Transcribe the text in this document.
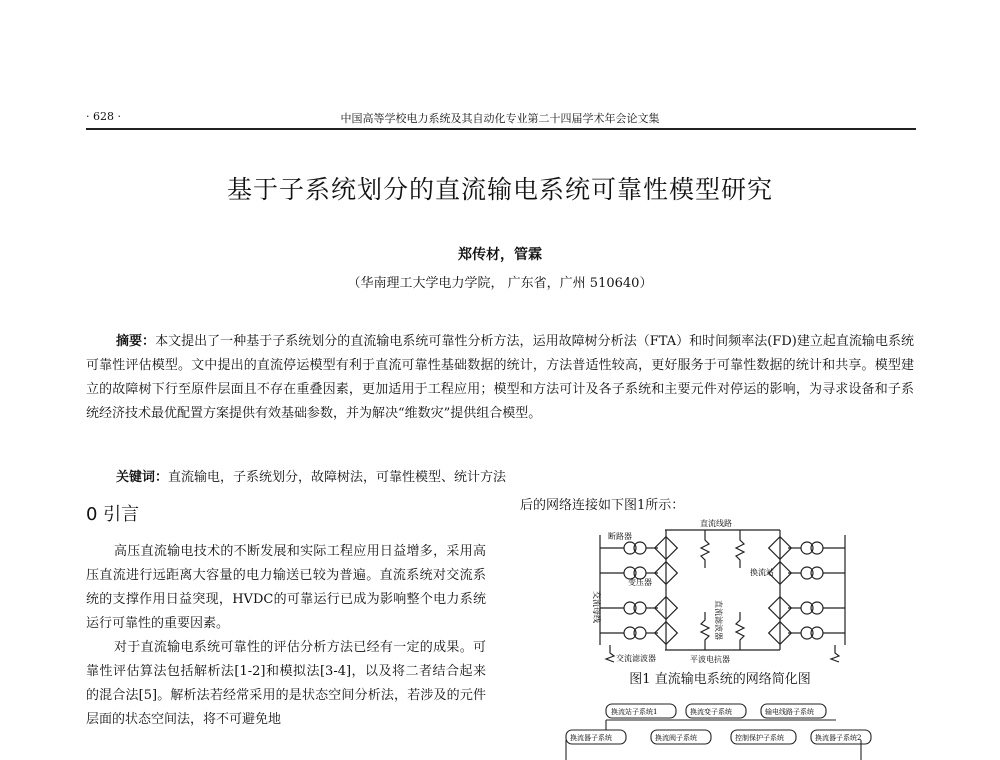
· 628 ·	中国高等学校电力系统及其自动化专业第二十四届学术年会论文集
基于子系统划分的直流输电系统可靠性模型研究
郑传材，管霖
（华南理工大学电力学院， 广东省，广州 510640）
摘要：本文提出了一种基于子系统划分的直流输电系统可靠性分析方法，运用故障树分析法（FTA）和时间频率法(FD)建立起直流输电系统可靠性评估模型。文中提出的直流停运模型有利于直流可靠性基础数据的统计，方法普适性较高，更好服务于可靠性数据的统计和共享。模型建立的故障树下行至原件层面且不存在重叠因素，更加适用于工程应用；模型和方法可计及各子系统和主要元件对停运的影响，为寻求设备和子系统经济技术最优配置方案提供有效基础参数，并为解决“维数灾”提供组合模型。
关键词：直流输电，子系统划分，故障树法，可靠性模型、统计方法
0 引言

高压直流输电技术的不断发展和实际工程应用日益增多，采用高压直流进行远距离大容量的电力输送已较为普遍。直流系统对交流系统的支撑作用日益突现，HVDC的可靠运行已成为影响整个电力系统运行可靠性的重要因素。

对于直流输电系统可靠性的评估分析方法已经有一定的成果。可靠性评估算法包括解析法[1-2]和模拟法[3-4]，以及将二者结合起来的混合法[5]。解析法若经常采用的是状态空间分析法，若涉及的元件层面的状态空间法，将不可避免地

后的网络连接如下图1所示：
直流线路
断路器
变压器
交流母线
换流站
直流滤波器
交流滤波器	平波电抗器
图1 直流输电系统的网络简化图
换流站子系统1	换流变子系统	输电线路子系统
换流器子系统	换流阀子系统	控制保护子系统	换流器子系统2
